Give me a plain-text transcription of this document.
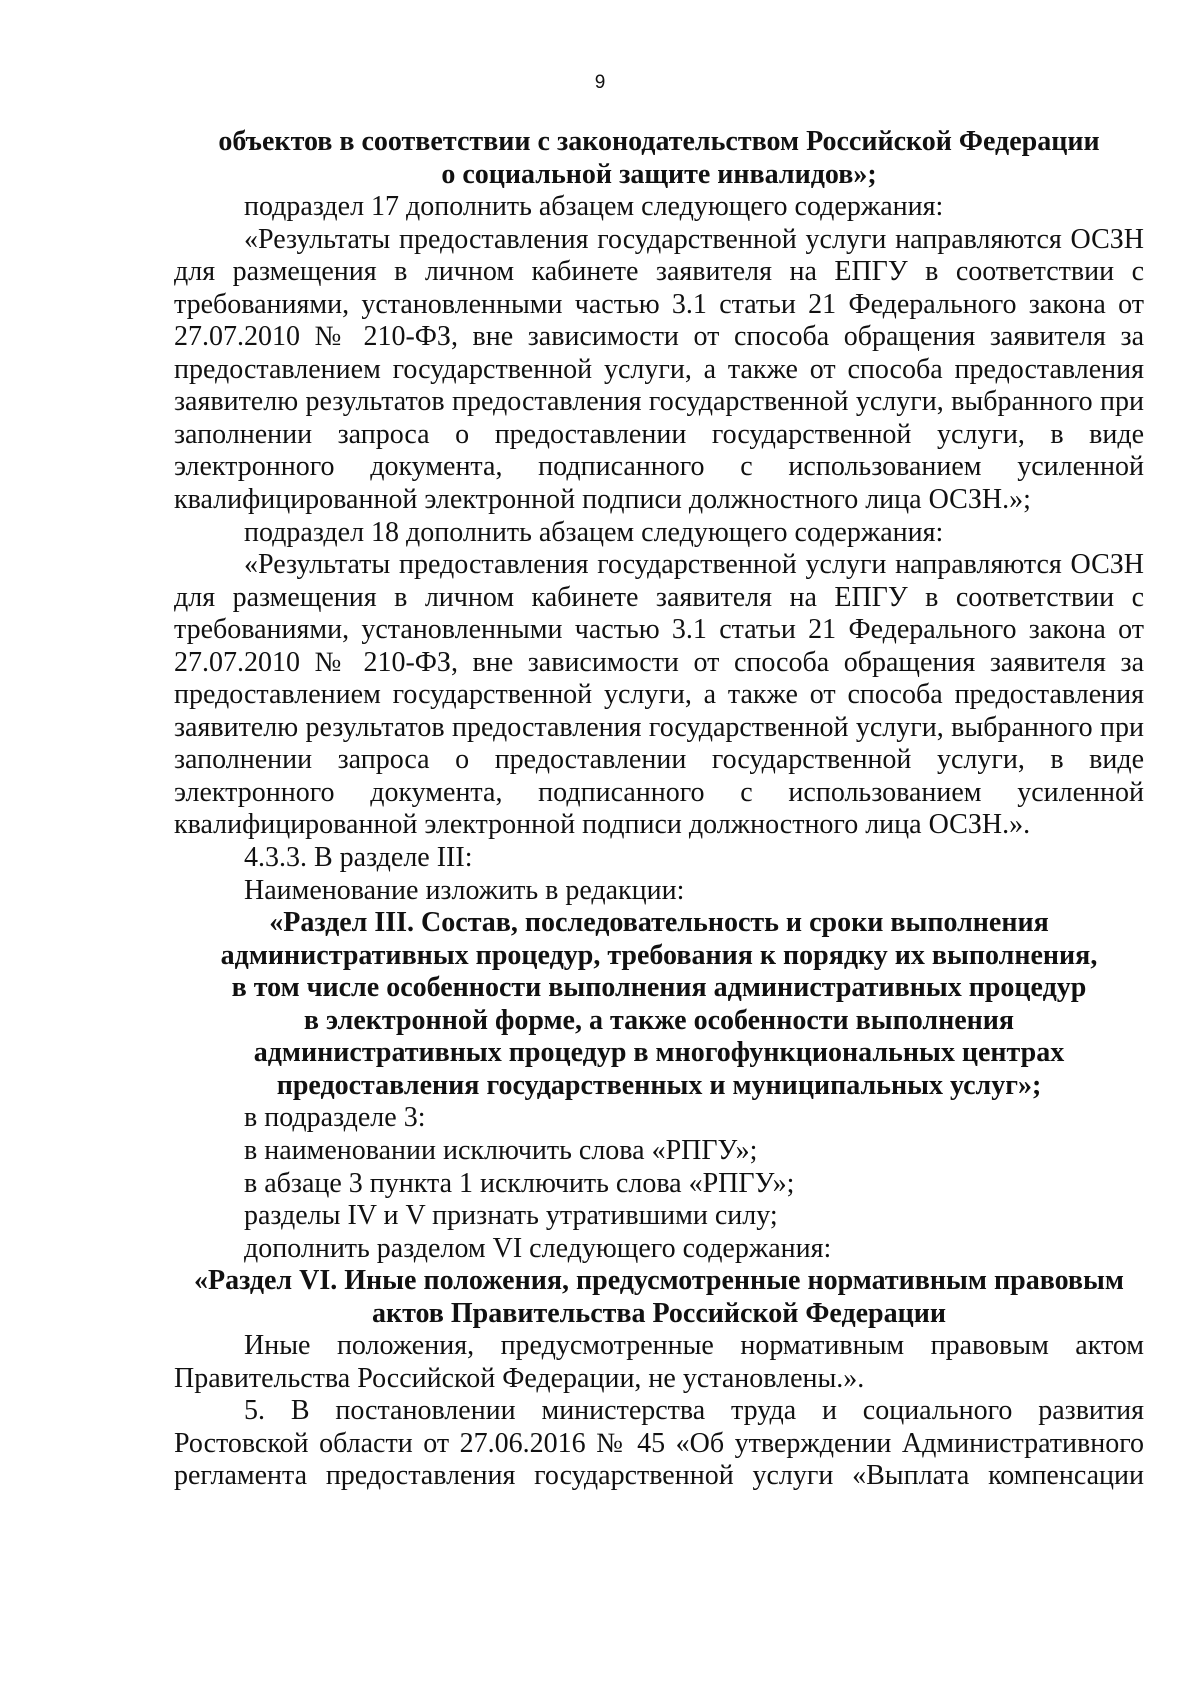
9

объектов в соответствии с законодательством Российской Федерации

о социальной защите инвалидов»;

подраздел 17 дополнить абзацем следующего содержания:

«Результаты предоставления государственной услуги направляются ОСЗН для размещения в личном кабинете заявителя на ЕПГУ в соответствии с требованиями, установленными частью 3.1 статьи 21 Федерального закона от 27.07.2010 № 210-ФЗ, вне зависимости от способа обращения заявителя за предоставлением государственной услуги, а также от способа предоставления заявителю результатов предоставления государственной услуги, выбранного при заполнении запроса о предоставлении государственной услуги, в виде электронного документа, подписанного с использованием усиленной квалифицированной электронной подписи должностного лица ОСЗН.»;

подраздел 18 дополнить абзацем следующего содержания:

«Результаты предоставления государственной услуги направляются ОСЗН для размещения в личном кабинете заявителя на ЕПГУ в соответствии с требованиями, установленными частью 3.1 статьи 21 Федерального закона от 27.07.2010 № 210-ФЗ, вне зависимости от способа обращения заявителя за предоставлением государственной услуги, а также от способа предоставления заявителю результатов предоставления государственной услуги, выбранного при заполнении запроса о предоставлении государственной услуги, в виде электронного документа, подписанного с использованием усиленной квалифицированной электронной подписи должностного лица ОСЗН.».

4.3.3. В разделе III:

Наименование изложить в редакции:

«Раздел III. Состав, последовательность и сроки выполнения

административных процедур, требования к порядку их выполнения,

в том числе особенности выполнения административных процедур

в электронной форме, а также особенности выполнения

административных процедур в многофункциональных центрах

предоставления государственных и муниципальных услуг»;

в подразделе 3:

в наименовании исключить слова «РПГУ»;

в абзаце 3 пункта 1 исключить слова «РПГУ»;

разделы IV и V признать утратившими силу;

дополнить разделом VI следующего содержания:

«Раздел VI. Иные положения, предусмотренные нормативным правовым

актов Правительства Российской Федерации

Иные положения, предусмотренные нормативным правовым актом Правительства Российской Федерации, не установлены.».

5. В постановлении министерства труда и социального развития Ростовской области от 27.06.2016 № 45 «Об утверждении Административного регламента предоставления государственной услуги «Выплата компенсации
